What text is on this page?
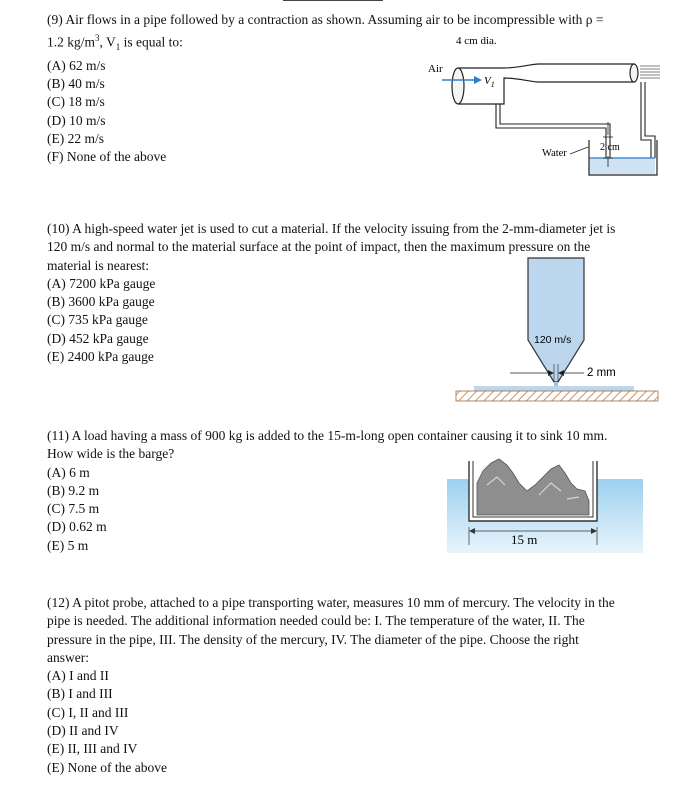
(9) Air flows in a pipe followed by a contraction as shown. Assuming air to be incompressible with ρ =

1.2 $kg/m^3$, $V_1$ is equal to:

(A) 62 m/s
(B) 40 m/s
(C) 18 m/s
(D) 10 m/s
(E) 22 m/s
(F) None of the above
4 cm dia.
Air
$V_1$
2 cm
Water

(10) A high-speed water jet is used to cut a material. If the velocity issuing from the 2-mm-diameter jet is

120 m/s and normal to the material surface at the point of impact, then the maximum pressure on the

material is nearest:

(A) 7200 kPa gauge
(B) 3600 kPa gauge
(C) 735 kPa gauge
(D) 452 kPa gauge
(E) 2400 kPa gauge
120 m/s
2 mm

(11) A load having a mass of 900 kg is added to the 15-m-long open container causing it to sink 10 mm.

How wide is the barge?

(A) 6 m
(B) 9.2 m
(C) 7.5 m
(D) 0.62 m
(E) 5 m	15 m

(12) A pitot probe, attached to a pipe transporting water, measures 10 mm of mercury. The velocity in the

pipe is needed. The additional information needed could be: I. The temperature of the water, II. The

pressure in the pipe, III. The density of the mercury, IV. The diameter of the pipe. Choose the right

answer:

(A) I and II
(B) I and III
(C) I, II and III
(D) II and IV
(E) II, III and IV
(E) None of the above
